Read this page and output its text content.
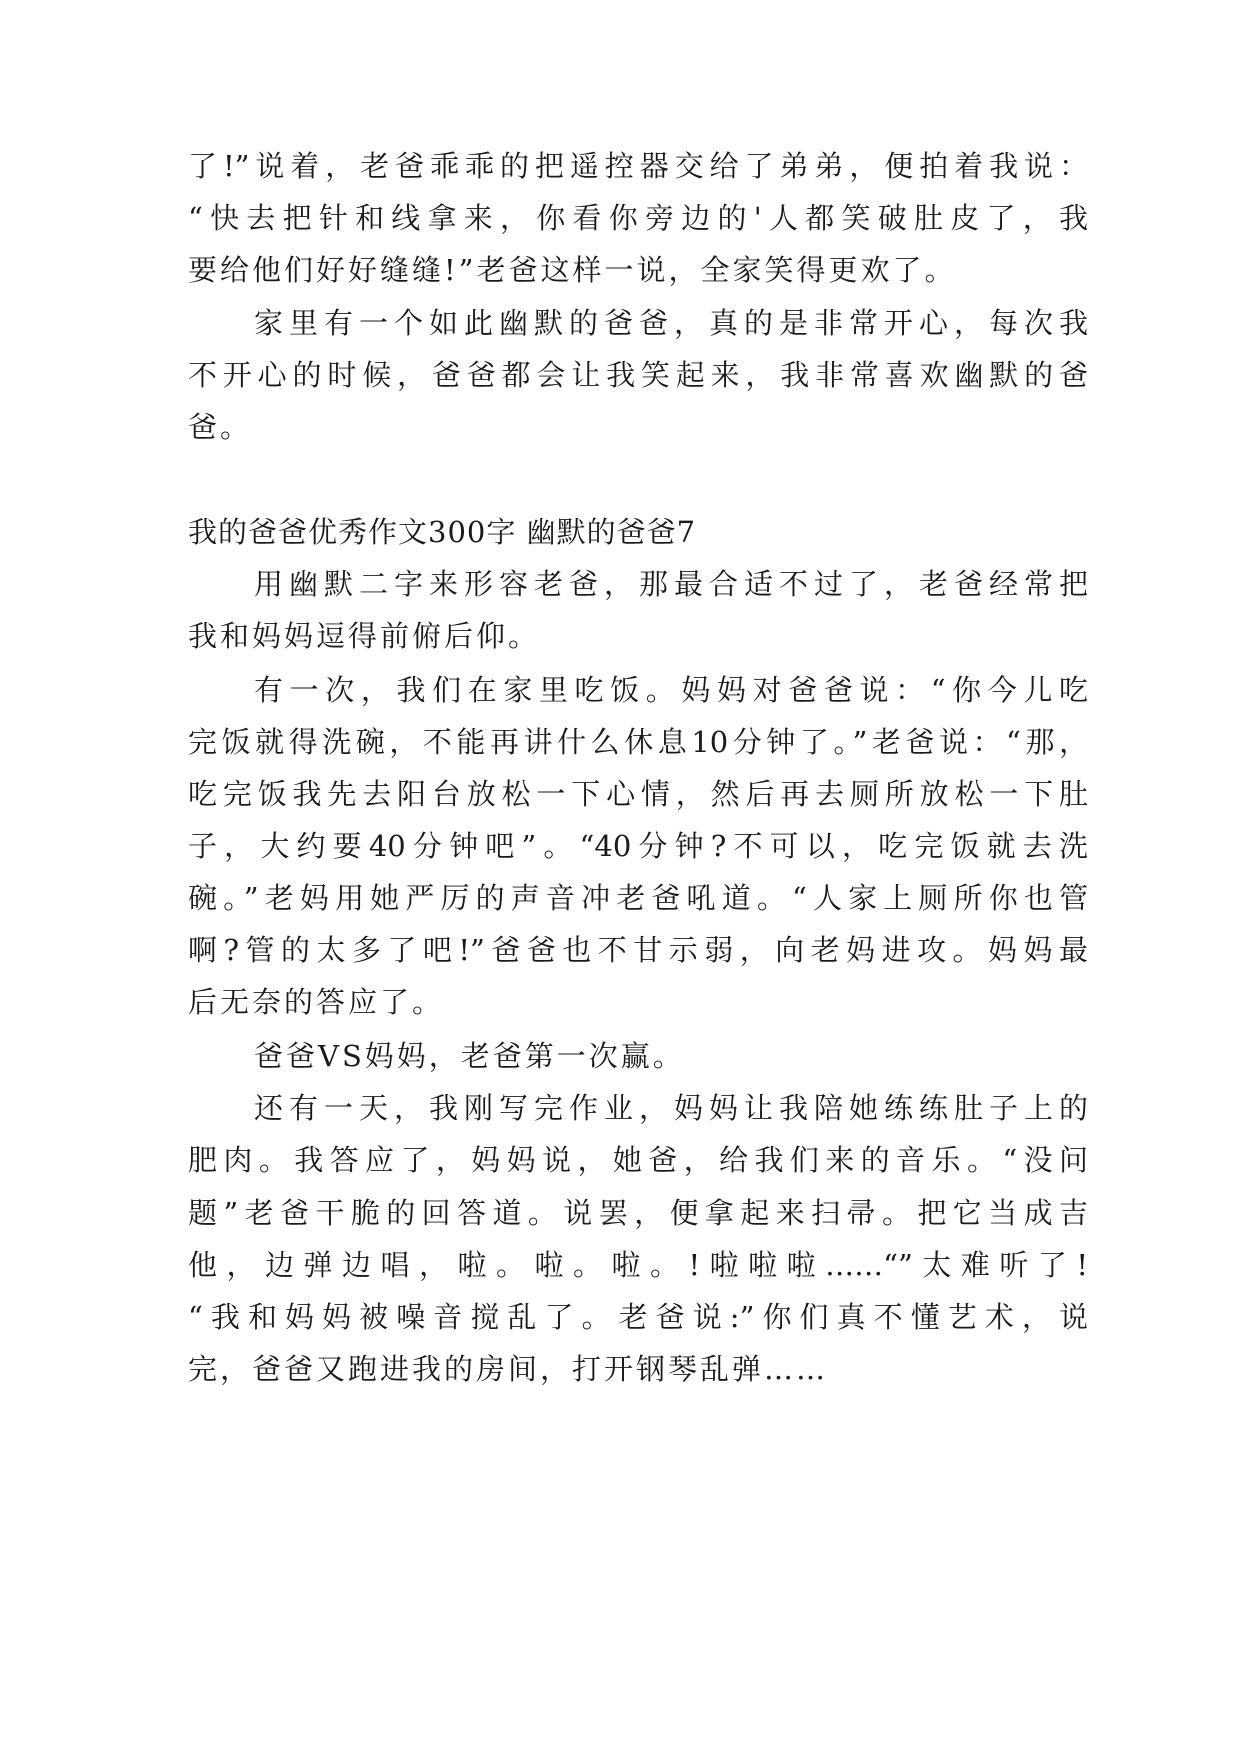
了!”说着，老爸乖乖的把遥控器交给了弟弟，便拍着我说：
“快去把针和线拿来，你看你旁边的'人都笑破肚皮了，我
要给他们好好缝缝!”老爸这样一说，全家笑得更欢了。
家里有一个如此幽默的爸爸，真的是非常开心，每次我
不开心的时候，爸爸都会让我笑起来，我非常喜欢幽默的爸
爸。
我的爸爸优秀作文300字 幽默的爸爸7
用幽默二字来形容老爸，那最合适不过了，老爸经常把
我和妈妈逗得前俯后仰。
有一次，我们在家里吃饭。妈妈对爸爸说：“你今儿吃
完饭就得洗碗，不能再讲什么休息10分钟了。”老爸说：“那，
吃完饭我先去阳台放松一下心情，然后再去厕所放松一下肚
子，大约要40分钟吧”。“40分钟?不可以，吃完饭就去洗
碗。”老妈用她严厉的声音冲老爸吼道。“人家上厕所你也管
啊?管的太多了吧!”爸爸也不甘示弱，向老妈进攻。妈妈最
后无奈的答应了。
爸爸VS妈妈，老爸第一次赢。
还有一天，我刚写完作业，妈妈让我陪她练练肚子上的
肥肉。我答应了，妈妈说，她爸，给我们来的音乐。“没问
题”老爸干脆的回答道。说罢，便拿起来扫帚。把它当成吉
他，边弹边唱，啦。啦。啦。!啦啦啦……“”太难听了!
“我和妈妈被噪音搅乱了。老爸说:”你们真不懂艺术，说
完，爸爸又跑进我的房间，打开钢琴乱弹……
